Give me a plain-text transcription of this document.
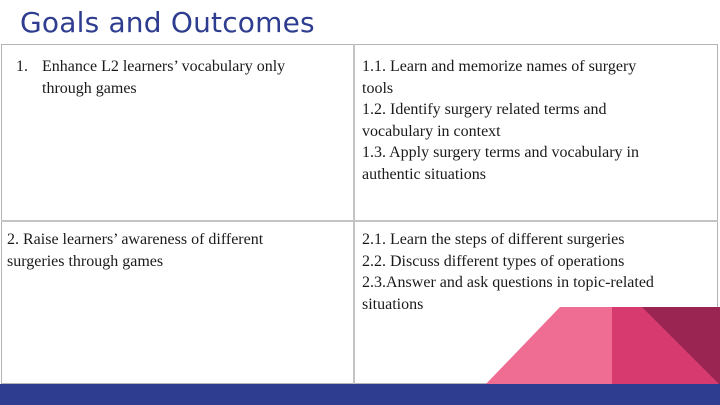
Goals and Outcomes
1. Enhance L2 learners’ vocabulary only
through games
1.1. Learn and memorize names of surgery
tools
1.2. Identify surgery related terms and
vocabulary in context
1.3. Apply surgery terms and vocabulary in
authentic situations
2. Raise learners’ awareness of different
surgeries through games
2.1. Learn the steps of different surgeries
2.2. Discuss different types of operations
2.3.Answer and ask questions in topic-related
situations
